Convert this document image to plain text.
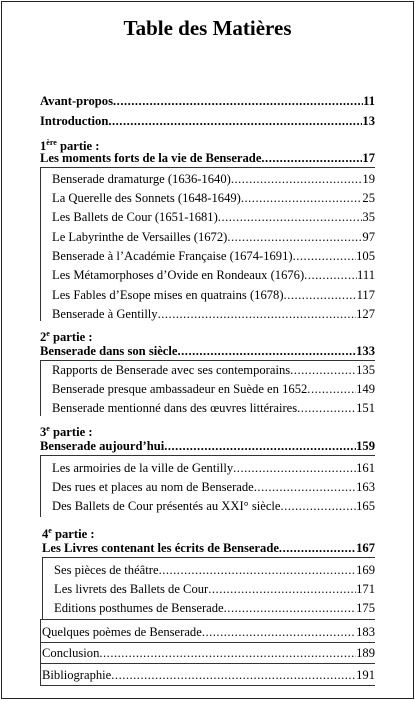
Table des Matières
Avant-propos .....	11
Introduction .....	13
1ère partie :
Les moments forts de la vie de Benserade .....	17
Benserade dramaturge (1636-1640) .....	19
La Querelle des Sonnets (1648-1649) .....	25
Les Ballets de Cour (1651-1681) .....	35
Le Labyrinthe de Versailles (1672) .....	97
Benserade à l’Académie Française (1674-1691) .....	105
Les Métamorphoses d’Ovide en Rondeaux (1676) .....	111
Les Fables d’Esope mises en quatrains (1678) .....	117
Benserade à Gentilly .....	127
2e partie :
Benserade dans son siècle .....	133
Rapports de Benserade avec ses contemporains .....	135
Benserade presque ambassadeur en Suède en 1652 .....	149
Benserade mentionné dans des œuvres littéraires .....	151
3e partie :
Benserade aujourd’hui .....	159
Les armoiries de la ville de Gentilly .....	161
Des rues et places au nom de Benserade .....	163
Des Ballets de Cour présentés au XXI° siècle .....	165
4e partie :
Les Livres contenant les écrits de Benserade .....	167
Ses pièces de théâtre .....	169
Les livrets des Ballets de Cour .....	171
Editions posthumes de Benserade .....	175
Quelques poèmes de Benserade .....	183
Conclusion .....	189
Bibliographie .....	191
